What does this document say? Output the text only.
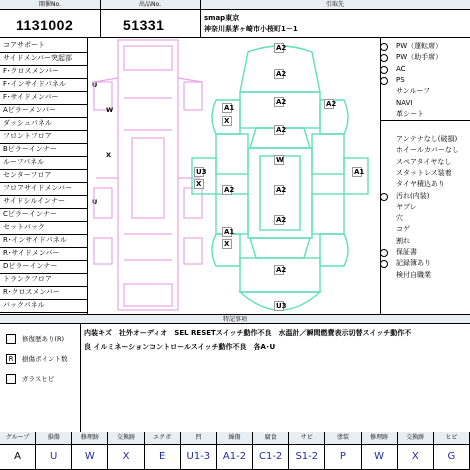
開催No.	出品No.	引取先
1131002	51331	smap東京
神奈川県茅ヶ崎市小桜町1－1
コアサポート
サイドメンバー突起部
F･クロスメンバー
F･インサイドパネル	U
F･サイドメンバー
Aピラーメンバー
ダッシュパネル
フロントフロア
Bピラーインナー
ルーフパネル
センターフロア
フロアサイドメンバー
サイドシルインナー	U
Cピラーインナー
セットバック
R･インサイドパネル
R･サイドメンバー
Dピラーインナー
トランクフロア
R･クロスメンバー
バックパネル
W
X
A2
A2
A1
X
A2	A2
A2
W
A1
U3
X
A2
A2
A1
X
A2
A2
U3
PW（運転席）
PW（助手席）
AC
PS
サンルーフ
NAVI
革シート
アンテナなし(破損)
ホイールカバーなし
スペアタイヤなし
スタットレス装着
タイヤ積込あり
汚れ(内装)
ヤブレ
穴
コゲ
割れ
保証書
記録簿あり
検付自職業
特記事項
内装キズ　社外オーディオ　SEL RESETスイッチ動作不良　水温計／瞬間燃費表示切替スイッチ動作不
良 イルミネーションコントロールスイッチ動作不良　各A･U
修復歴あり(R)
R	損傷ポイント数
ガラスヒビ
グループ	損傷	修理跡	交換跡	エクボ	凹	線傷	腐食	サビ	塗装	修理跡	交換跡	ヒビ
A	U	W	X	E	U1-3	A1-2	C1-2	S1-2	P	W	X	G
